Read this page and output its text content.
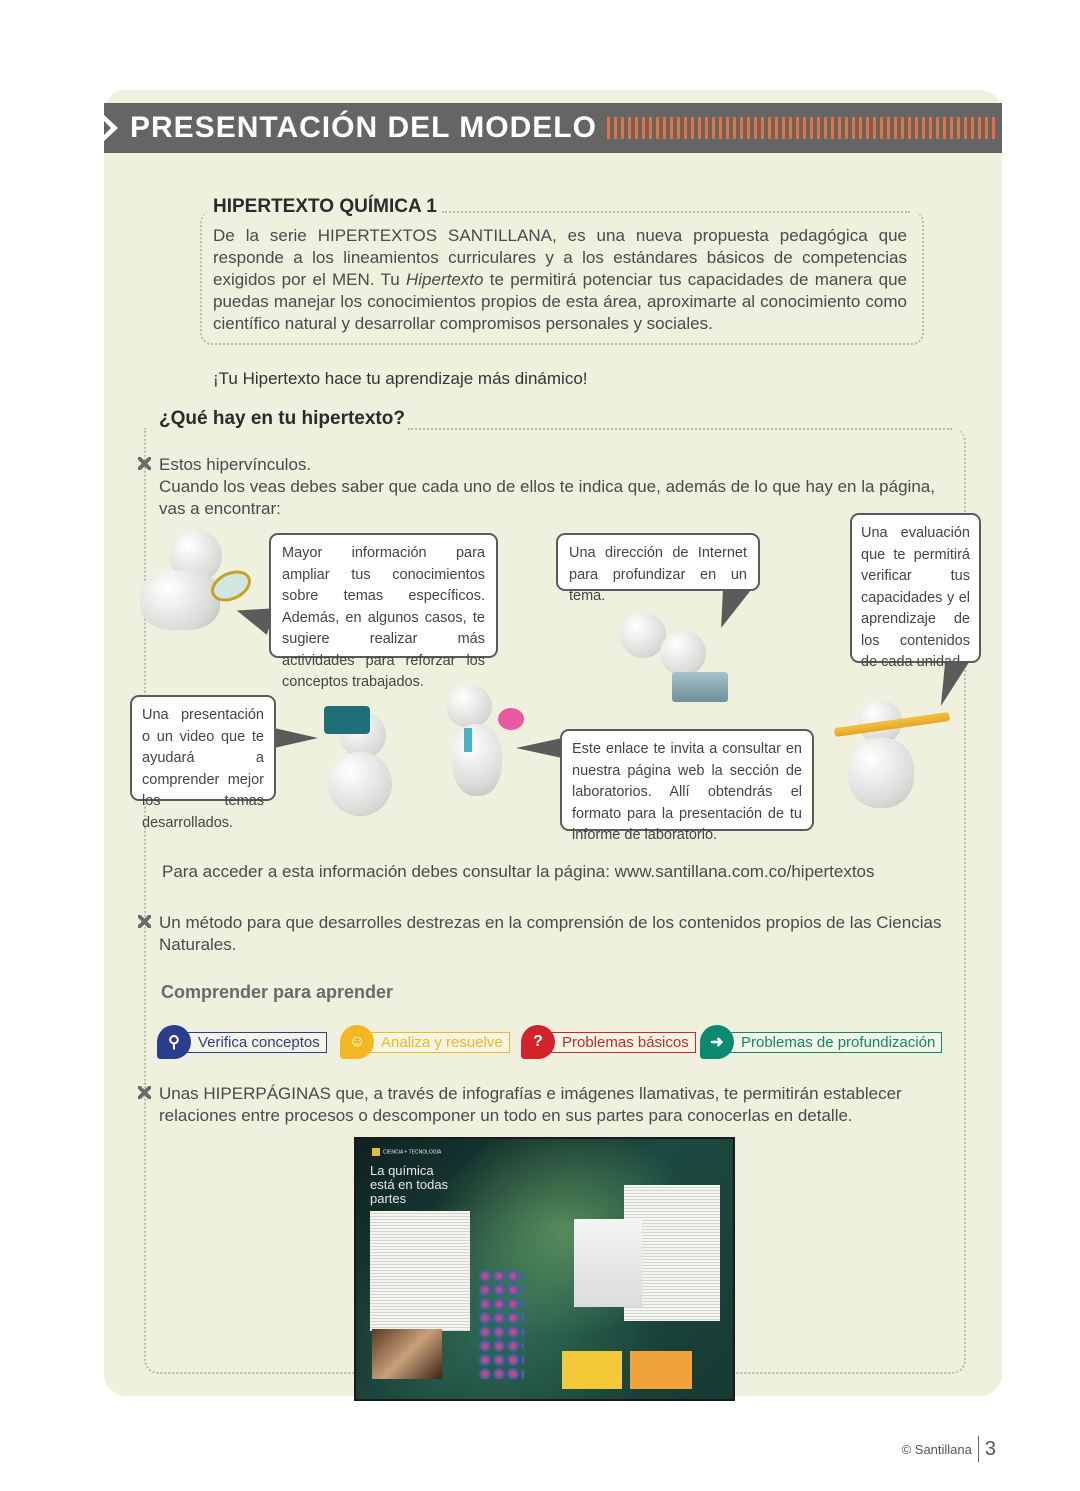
PRESENTACIÓN DEL MODELO
HIPERTEXTO QUÍMICA 1
De la serie HIPERTEXTOS SANTILLANA, es una nueva propuesta pedagógica que responde a los lineamientos curriculares y a los estándares básicos de competencias exigidos por el MEN. Tu Hipertexto te permitirá potenciar tus capacidades de manera que puedas manejar los conocimientos propios de esta área, aproximarte al conocimiento como científico natural y desarrollar compromisos personales y sociales.
¡Tu Hipertexto hace tu aprendizaje más dinámico!
¿Qué hay en tu hipertexto?
Estos hipervínculos.
Cuando los veas debes saber que cada uno de ellos te indica que, además de lo que hay en la página, vas a encontrar:
Mayor información para ampliar tus conocimientos sobre temas específicos. Además, en algunos casos, te sugiere realizar más actividades para reforzar los conceptos trabajados.
Una dirección de Internet para profundizar en un tema.
Una evaluación que te permitirá verificar tus capacidades y el aprendizaje de los contenidos de cada unidad.
Una presentación o un video que te ayudará a comprender mejor los temas desarrollados.
Este enlace te invita a consultar en nuestra página web la sección de laboratorios. Allí obtendrás el formato para la presentación de tu informe de laboratorio.
Para acceder a esta información debes consultar la página: www.santillana.com.co/hipertextos
Un método para que desarrolles destrezas en la comprensión de los contenidos propios de las Ciencias Naturales.
Comprender para aprender
⚲	Verifica conceptos	☺	Analiza y resuelve	?	Problemas básicos	➜	Problemas de profundización
Unas HIPERPÁGINAS que, a través de infografías e imágenes llamativas, te permitirán establecer relaciones entre procesos o descomponer un todo en sus partes para conocerlas en detalle.
CIENCIA + TECNOLOGÍA
La química está en todas partes
© Santillana 3
